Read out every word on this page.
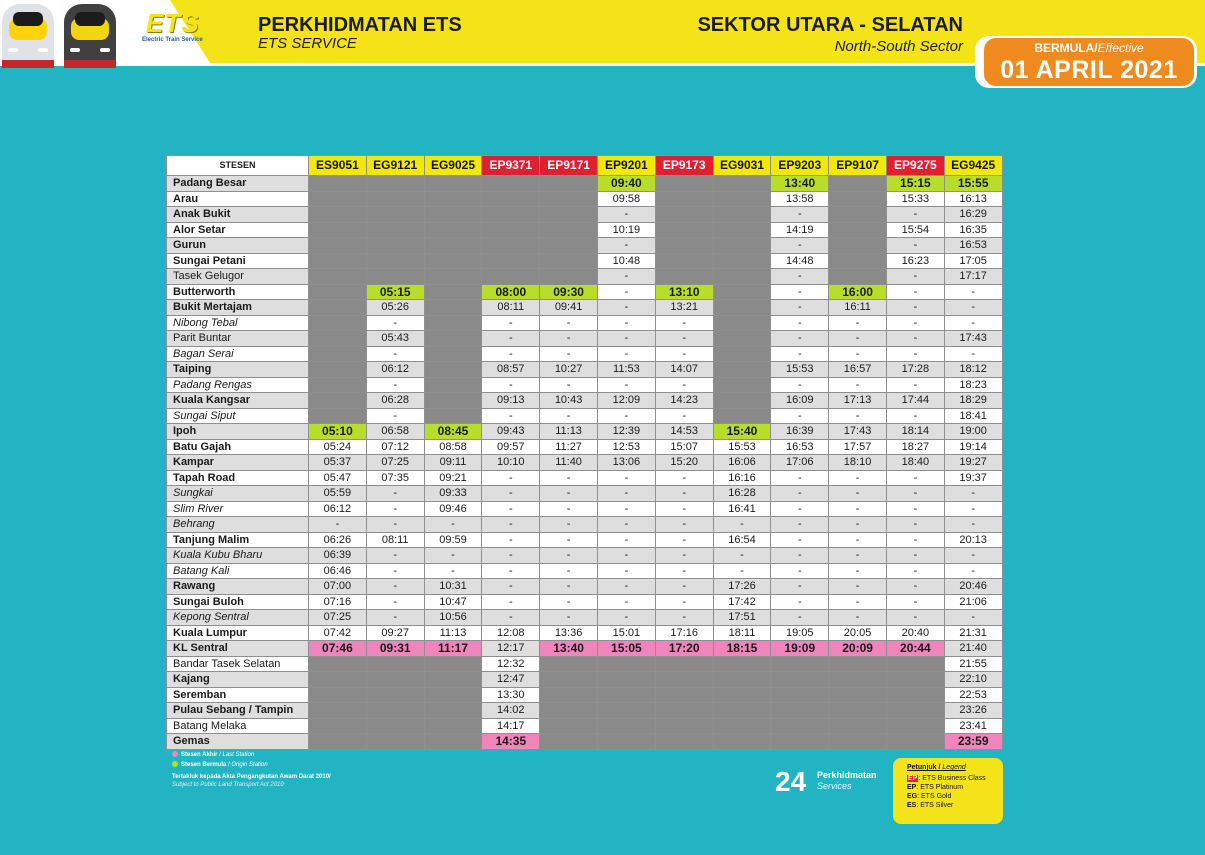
ETS
Electric Train Service
PERKHIDMATAN ETS
ETS SERVICE
SEKTOR UTARA - SELATAN
North-South Sector	BERMULA/Effective
01 APRIL 2021
STESEN	ES9051	EG9121	EG9025	EP9371	EP9171	EP9201	EP9173	EG9031	EP9203	EP9107	EP9275	EG9425
Padang Besar						09:40			13:40		15:15	15:55
Arau						09:58			13:58		15:33	16:13
Anak Bukit						-			-		-	16:29
Alor Setar						10:19			14:19		15:54	16:35
Gurun						-			-		-	16:53
Sungai Petani						10:48			14:48		16:23	17:05
Tasek Gelugor						-			-		-	17:17
Butterworth		05:15		08:00	09:30	-	13:10		-	16:00	-	-
Bukit Mertajam		05:26		08:11	09:41	-	13:21		-	16:11	-	-
Nibong Tebal		-		-	-	-	-		-	-	-	-
Parit Buntar		05:43		-	-	-	-		-	-	-	17:43
Bagan Serai		-		-	-	-	-		-	-	-	-
Taiping		06:12		08:57	10:27	11:53	14:07		15:53	16:57	17:28	18:12
Padang Rengas		-		-	-	-	-		-	-	-	18:23
Kuala Kangsar		06:28		09:13	10:43	12:09	14:23		16:09	17:13	17:44	18:29
Sungai Siput		-		-	-	-	-		-	-	-	18:41
Ipoh	05:10	06:58	08:45	09:43	11:13	12:39	14:53	15:40	16:39	17:43	18:14	19:00
Batu Gajah	05:24	07:12	08:58	09:57	11:27	12:53	15:07	15:53	16:53	17:57	18:27	19:14
Kampar	05:37	07:25	09:11	10:10	11:40	13:06	15:20	16:06	17:06	18:10	18:40	19:27
Tapah Road	05:47	07:35	09:21	-	-	-	-	16:16	-	-	-	19:37
Sungkai	05:59	-	09:33	-	-	-	-	16:28	-	-	-	-
Slim River	06:12	-	09:46	-	-	-	-	16:41	-	-	-	-
Behrang	-	-	-	-	-	-	-	-	-	-	-	-
Tanjung Malim	06:26	08:11	09:59	-	-	-	-	16:54	-	-	-	20:13
Kuala Kubu Bharu	06:39	-	-	-	-	-	-	-	-	-	-	-
Batang Kali	06:46	-	-	-	-	-	-	-	-	-	-	-
Rawang	07:00	-	10:31	-	-	-	-	17:26	-	-	-	20:46
Sungai Buloh	07:16	-	10:47	-	-	-	-	17:42	-	-	-	21:06
Kepong Sentral	07:25	-	10:56	-	-	-	-	17:51	-	-	-	-
Kuala Lumpur	07:42	09:27	11:13	12:08	13:36	15:01	17:16	18:11	19:05	20:05	20:40	21:31
KL Sentral	07:46	09:31	11:17	12:17	13:40	15:05	17:20	18:15	19:09	20:09	20:44	21:40
Bandar Tasek Selatan				12:32								21:55
Kajang				12:47								22:10
Seremban				13:30								22:53
Pulau Sebang / Tampin				14:02								23:26
Batang Melaka				14:17								23:41
Gemas				14:35								23:59
Stesen Akhir / Last Station
Stesen Bermula / Origin Station
Tertakluk kepada Akta Pengangkutan Awam Darat 2010/
Subject to Public Land Transport Act 2010	24 Perkhidmatan
Services
Petunjuk / Legend
EP: ETS Business Class
EP: ETS Platinum
EG: ETS Gold
ES: ETS Silver
